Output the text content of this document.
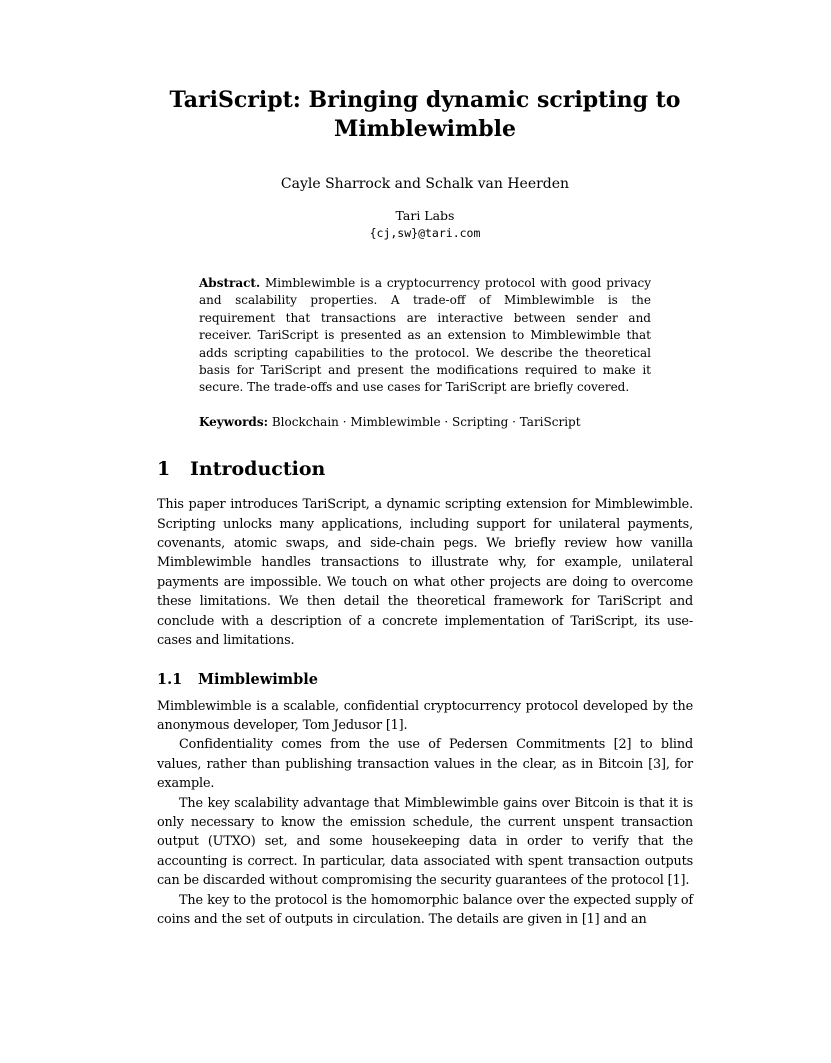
TariScript: Bringing dynamic scripting to Mimblewimble
Cayle Sharrock and Schalk van Heerden
Tari Labs
{cj,sw}@tari.com
Abstract. Mimblewimble is a cryptocurrency protocol with good privacy and scalability properties. A trade-off of Mimblewimble is the requirement that transactions are interactive between sender and receiver. TariScript is presented as an extension to Mimblewimble that adds scripting capabilities to the protocol. We describe the theoretical basis for TariScript and present the modifications required to make it secure. The trade-offs and use cases for TariScript are briefly covered.
Keywords: Blockchain · Mimblewimble · Scripting · TariScript
1 Introduction

This paper introduces TariScript, a dynamic scripting extension for Mimblewimble. Scripting unlocks many applications, including support for unilateral payments, covenants, atomic swaps, and side-chain pegs. We briefly review how vanilla Mimblewimble handles transactions to illustrate why, for example, unilateral payments are impossible. We touch on what other projects are doing to overcome these limitations. We then detail the theoretical framework for TariScript and conclude with a description of a concrete implementation of TariScript, its use-cases and limitations.

1.1 Mimblewimble

Mimblewimble is a scalable, confidential cryptocurrency protocol developed by the anonymous developer, Tom Jedusor [1].

Confidentiality comes from the use of Pedersen Commitments [2] to blind values, rather than publishing transaction values in the clear, as in Bitcoin [3], for example.

The key scalability advantage that Mimblewimble gains over Bitcoin is that it is only necessary to know the emission schedule, the current unspent transaction output (UTXO) set, and some housekeeping data in order to verify that the accounting is correct. In particular, data associated with spent transaction outputs can be discarded without compromising the security guarantees of the protocol [1].

The key to the protocol is the homomorphic balance over the expected supply of coins and the set of outputs in circulation. The details are given in [1] and an
